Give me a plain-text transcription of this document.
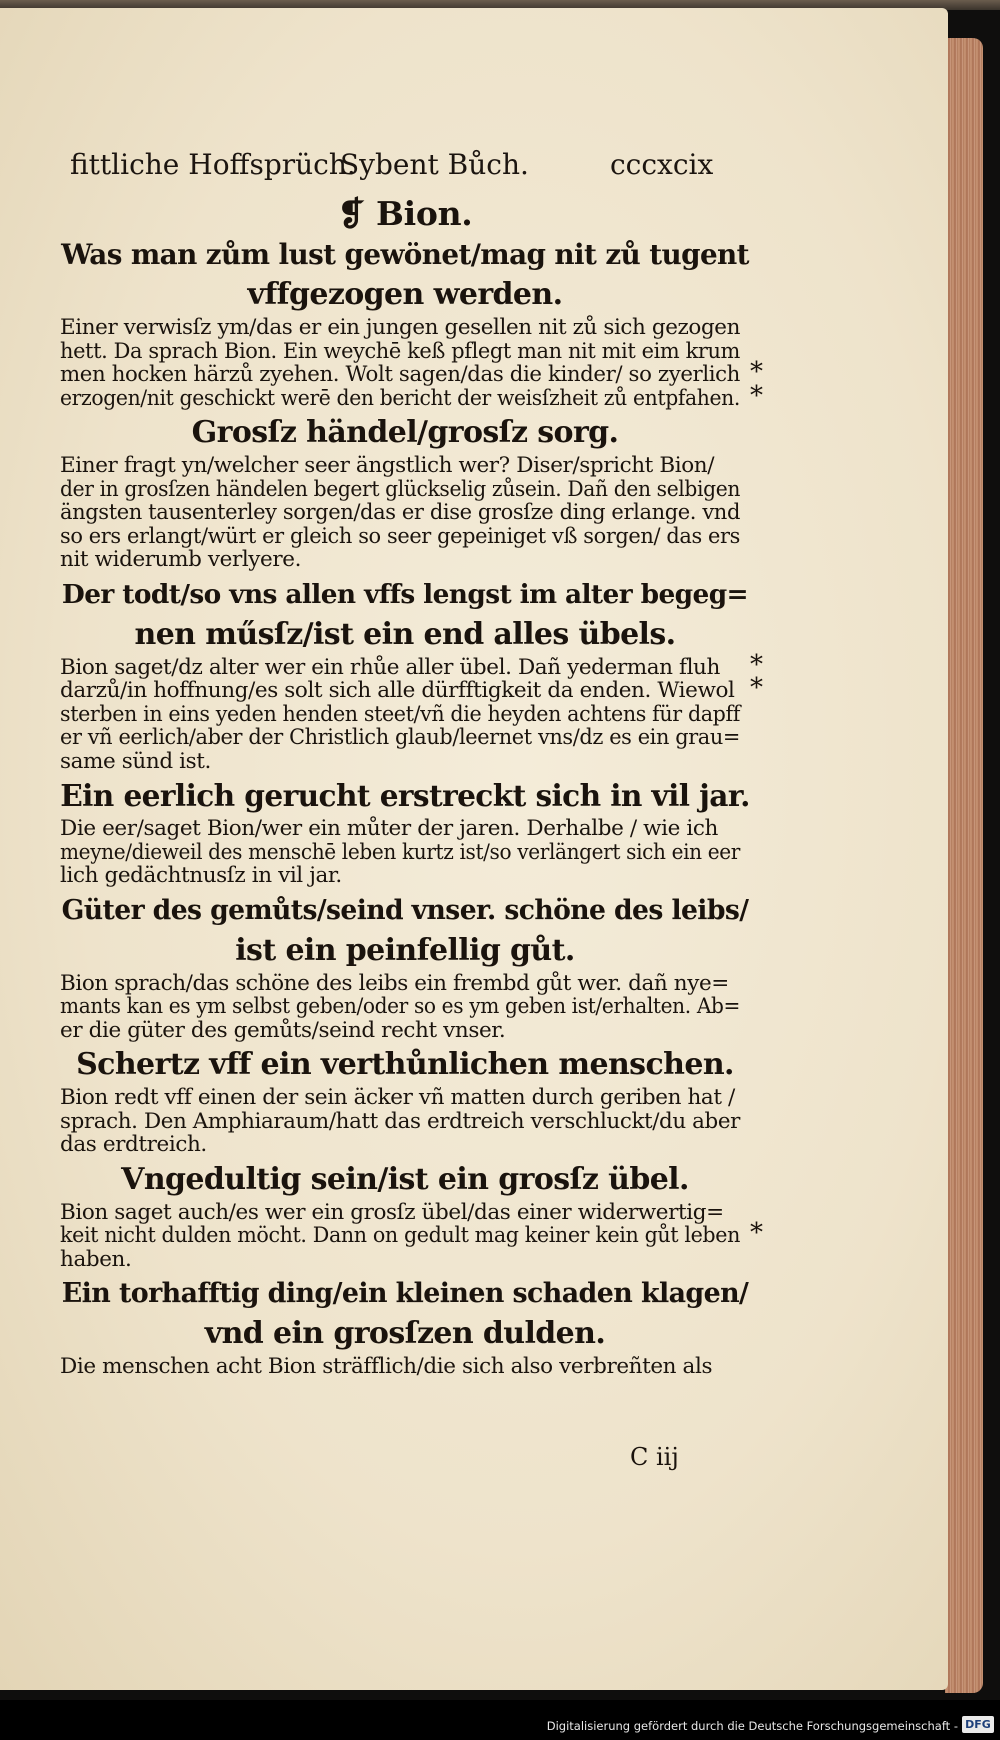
fittliche Hoffsprüch.
Sybent Bůch.	cccxcix

❡ Bion.

Was man zům lust gewönet/mag nit zů tugent

vffgezogen werden.

Einer verwisſz ym/das er ein jungen gesellen nit zů sich gezogen
hett. Da sprach Bion. Ein weychē keß pflegt man nit mit eim krum
men hocken härzů zyehen. Wolt sagen/das die kinder/ so zyerlich *
erzogen/nit geschickt werē den bericht der weisſzheit zů entpfahen. *

Grosſz händel/grosſz sorg.

Einer fragt yn/welcher seer ängstlich wer? Diser/spricht Bion/
der in grosſzen händelen begert glückselig zůsein. Dañ den selbigen
ängsten tausenterley sorgen/das er dise grosſze ding erlange. vnd
so ers erlangt/würt er gleich so seer gepeiniget vß sorgen/ das ers
nit widerumb verlyere.

Der todt/so vns allen vffs lengst im alter begeg=

nen műsſz/ist ein end alles übels.

Bion saget/dz alter wer ein rhůe aller übel. Dañ yederman fluh *
darzů/in hoffnung/es solt sich alle dürfftigkeit da enden. Wiewol *
sterben in eins yeden henden steet/vñ die heyden achtens für dapff
er vñ eerlich/aber der Christlich glaub/leernet vns/dz es ein grau=
same sünd ist.

Ein eerlich gerucht erstreckt sich in vil jar.

Die eer/saget Bion/wer ein můter der jaren. Derhalbe / wie ich
meyne/dieweil des menschē leben kurtz ist/so verlängert sich ein eer
lich gedächtnusſz in vil jar.

Güter des gemůts/seind vnser. schöne des leibs/

ist ein peinfellig gůt.

Bion sprach/das schöne des leibs ein frembd gůt wer. dañ nye=
mants kan es ym selbst geben/oder so es ym geben ist/erhalten. Ab=
er die güter des gemůts/seind recht vnser.

Schertz vff ein verthůnlichen menschen.

Bion redt vff einen der sein äcker vñ matten durch geriben hat /
sprach. Den Amphiaraum/hatt das erdtreich verschluckt/du aber
das erdtreich.

Vngedultig sein/ist ein grosſz übel.

Bion saget auch/es wer ein grosſz übel/das einer widerwertig=
keit nicht dulden möcht. Dann on gedult mag keiner kein gůt leben *
haben.

Ein torhafftig ding/ein kleinen schaden klagen/

vnd ein grosſzen dulden.

Die menschen acht Bion sträfflich/die sich also verbreñten als
C iij
Digitalisierung gefördert durch die Deutsche Forschungsgemeinschaft - DFG
